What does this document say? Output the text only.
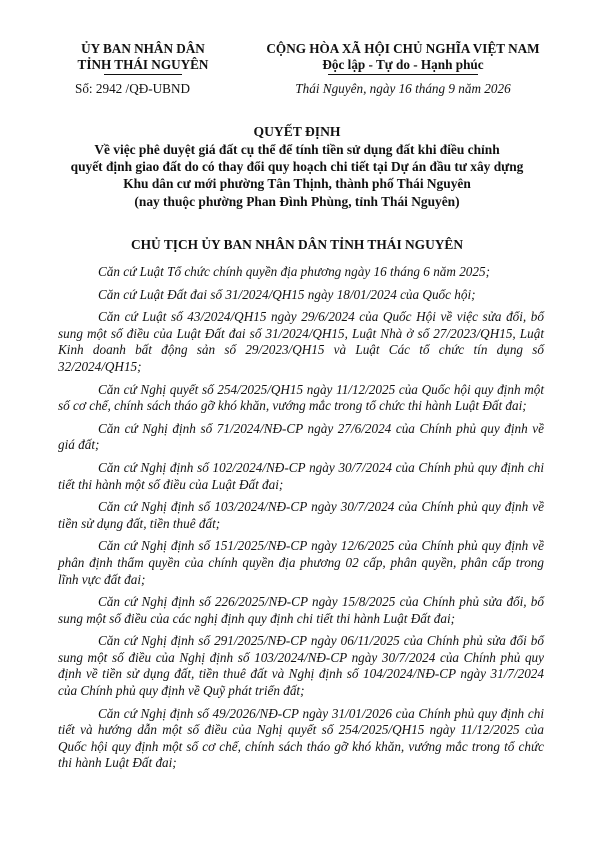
ỦY BAN NHÂN DÂN
TỈNH THÁI NGUYÊN
Số: 2942 /QĐ-UBND
CỘNG HÒA XÃ HỘI CHỦ NGHĨA VIỆT NAM
Độc lập - Tự do - Hạnh phúc
Thái Nguyên, ngày 16 tháng 9 năm 2026
QUYẾT ĐỊNH
Về việc phê duyệt giá đất cụ thể để tính tiền sử dụng đất khi điều chỉnh
quyết định giao đất do có thay đổi quy hoạch chi tiết tại Dự án đầu tư xây dựng
Khu dân cư mới phường Tân Thịnh, thành phố Thái Nguyên
(nay thuộc phường Phan Đình Phùng, tỉnh Thái Nguyên)
CHỦ TỊCH ỦY BAN NHÂN DÂN TỈNH THÁI NGUYÊN

Căn cứ Luật Tổ chức chính quyền địa phương ngày 16 tháng 6 năm 2025;

Căn cứ Luật Đất đai số 31/2024/QH15 ngày 18/01/2024 của Quốc hội;

Căn cứ Luật số 43/2024/QH15 ngày 29/6/2024 của Quốc Hội về việc sửa đổi, bổ sung một số điều của Luật Đất đai số 31/2024/QH15, Luật Nhà ở số 27/2023/QH15, Luật Kinh doanh bất động sản số 29/2023/QH15 và Luật Các tổ chức tín dụng số 32/2024/QH15;

Căn cứ Nghị quyết số 254/2025/QH15 ngày 11/12/2025 của Quốc hội quy định một số cơ chế, chính sách tháo gỡ khó khăn, vướng mắc trong tổ chức thi hành Luật Đất đai;

Căn cứ Nghị định số 71/2024/NĐ-CP ngày 27/6/2024 của Chính phủ quy định về giá đất;

Căn cứ Nghị định số 102/2024/NĐ-CP ngày 30/7/2024 của Chính phủ quy định chi tiết thi hành một số điều của Luật Đất đai;

Căn cứ Nghị định số 103/2024/NĐ-CP ngày 30/7/2024 của Chính phủ quy định về tiền sử dụng đất, tiền thuê đất;

Căn cứ Nghị định số 151/2025/NĐ-CP ngày 12/6/2025 của Chính phủ quy định về phân định thẩm quyền của chính quyền địa phương 02 cấp, phân quyền, phân cấp trong lĩnh vực đất đai;

Căn cứ Nghị định số 226/2025/NĐ-CP ngày 15/8/2025 của Chính phủ sửa đổi, bổ sung một số điều của các nghị định quy định chi tiết thi hành Luật Đất đai;

Căn cứ Nghị định số 291/2025/NĐ-CP ngày 06/11/2025 của Chính phủ sửa đổi bổ sung một số điều của Nghị định số 103/2024/NĐ-CP ngày 30/7/2024 của Chính phủ quy định về tiền sử dụng đất, tiền thuê đất và Nghị định số 104/2024/NĐ-CP ngày 31/7/2024 của Chính phủ quy định về Quỹ phát triển đất;

Căn cứ Nghị định số 49/2026/NĐ-CP ngày 31/01/2026 của Chính phủ quy định chi tiết và hướng dẫn một số điều của Nghị quyết số 254/2025/QH15 ngày 11/12/2025 của Quốc hội quy định một số cơ chế, chính sách tháo gỡ khó khăn, vướng mắc trong tổ chức thi hành Luật Đất đai;
